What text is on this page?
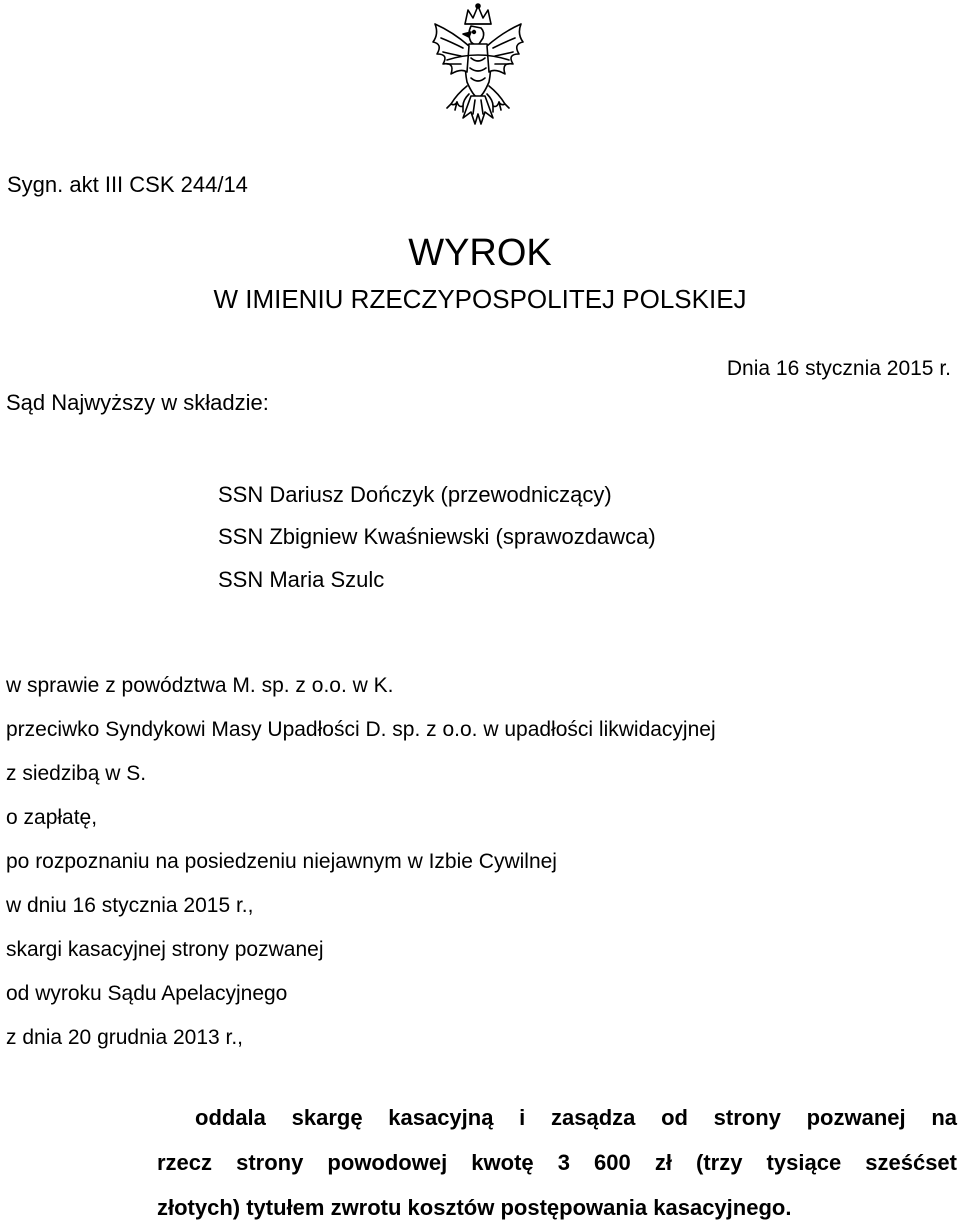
Sygn. akt III CSK 244/14
WYROK
W IMIENIU RZECZYPOSPOLITEJ POLSKIEJ
Dnia 16 stycznia 2015 r.
Sąd Najwyższy w składzie:
SSN Dariusz Dończyk (przewodniczący)
SSN Zbigniew Kwaśniewski (sprawozdawca)
SSN Maria Szulc
w sprawie z powództwa M. sp. z o.o. w K.
przeciwko Syndykowi Masy Upadłości D. sp. z o.o. w upadłości likwidacyjnej
z siedzibą w S.
o zapłatę,
po rozpoznaniu na posiedzeniu niejawnym w Izbie Cywilnej
w dniu 16 stycznia 2015 r.,
skargi kasacyjnej strony pozwanej
od wyroku Sądu Apelacyjnego
z dnia 20 grudnia 2013 r.,
oddala skargę kasacyjną i zasądza od strony pozwanej na
rzecz strony powodowej kwotę 3 600 zł (trzy tysiące sześćset
złotych) tytułem zwrotu kosztów postępowania kasacyjnego.
